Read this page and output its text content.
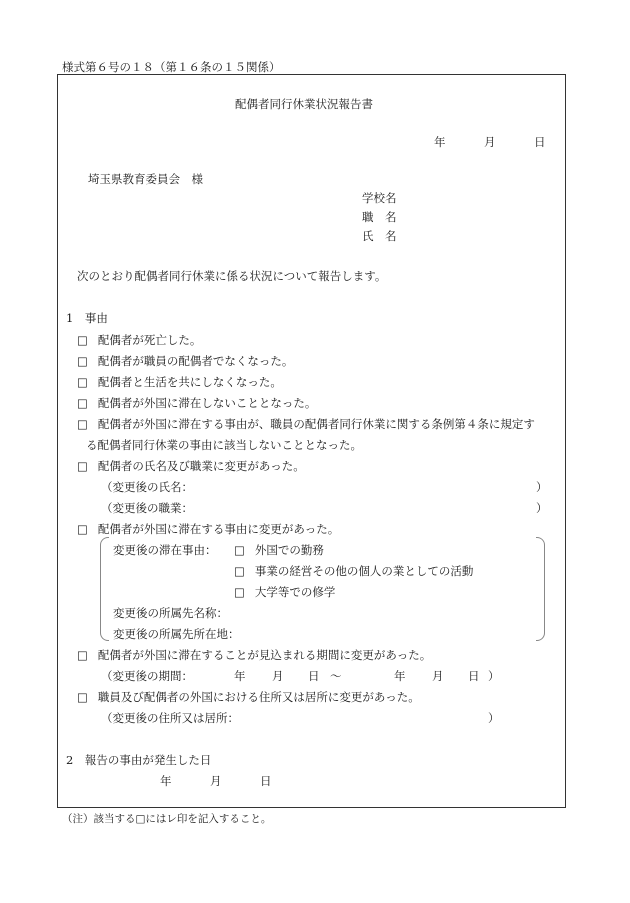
様式第６号の１８（第１６条の１５関係）
配偶者同行休業状況報告書
年	月	日
埼玉県教育委員会　様
学校名
職　名
氏　名
次のとおり配偶者同行休業に係る状況について報告します。
1　事由
□ 配偶者が死亡した。
□ 配偶者が職員の配偶者でなくなった。
□ 配偶者と生活を共にしなくなった。
□ 配偶者が外国に滞在しないこととなった。
□ 配偶者が外国に滞在する事由が、職員の配偶者同行休業に関する条例第４条に規定す
る配偶者同行休業の事由に該当しないこととなった。
□ 配偶者の氏名及び職業に変更があった。
（変更後の氏名：	）
（変更後の職業：	）
□ 配偶者が外国に滞在する事由に変更があった。
変更後の滞在事由： □ 外国での勤務
□ 事業の経営その他の個人の業としての活動
□ 大学等での修学
変更後の所属先名称：
変更後の所属先所在地：
□ 配偶者が外国に滞在することが見込まれる期間に変更があった。
（変更後の期間：	年 月 日 ～	年 月 日 ）
□ 職員及び配偶者の外国における住所又は居所に変更があった。
（変更後の住所又は居所：	）
2　報告の事由が発生した日
年	月	日
（注）該当する□にはレ印を記入すること。
